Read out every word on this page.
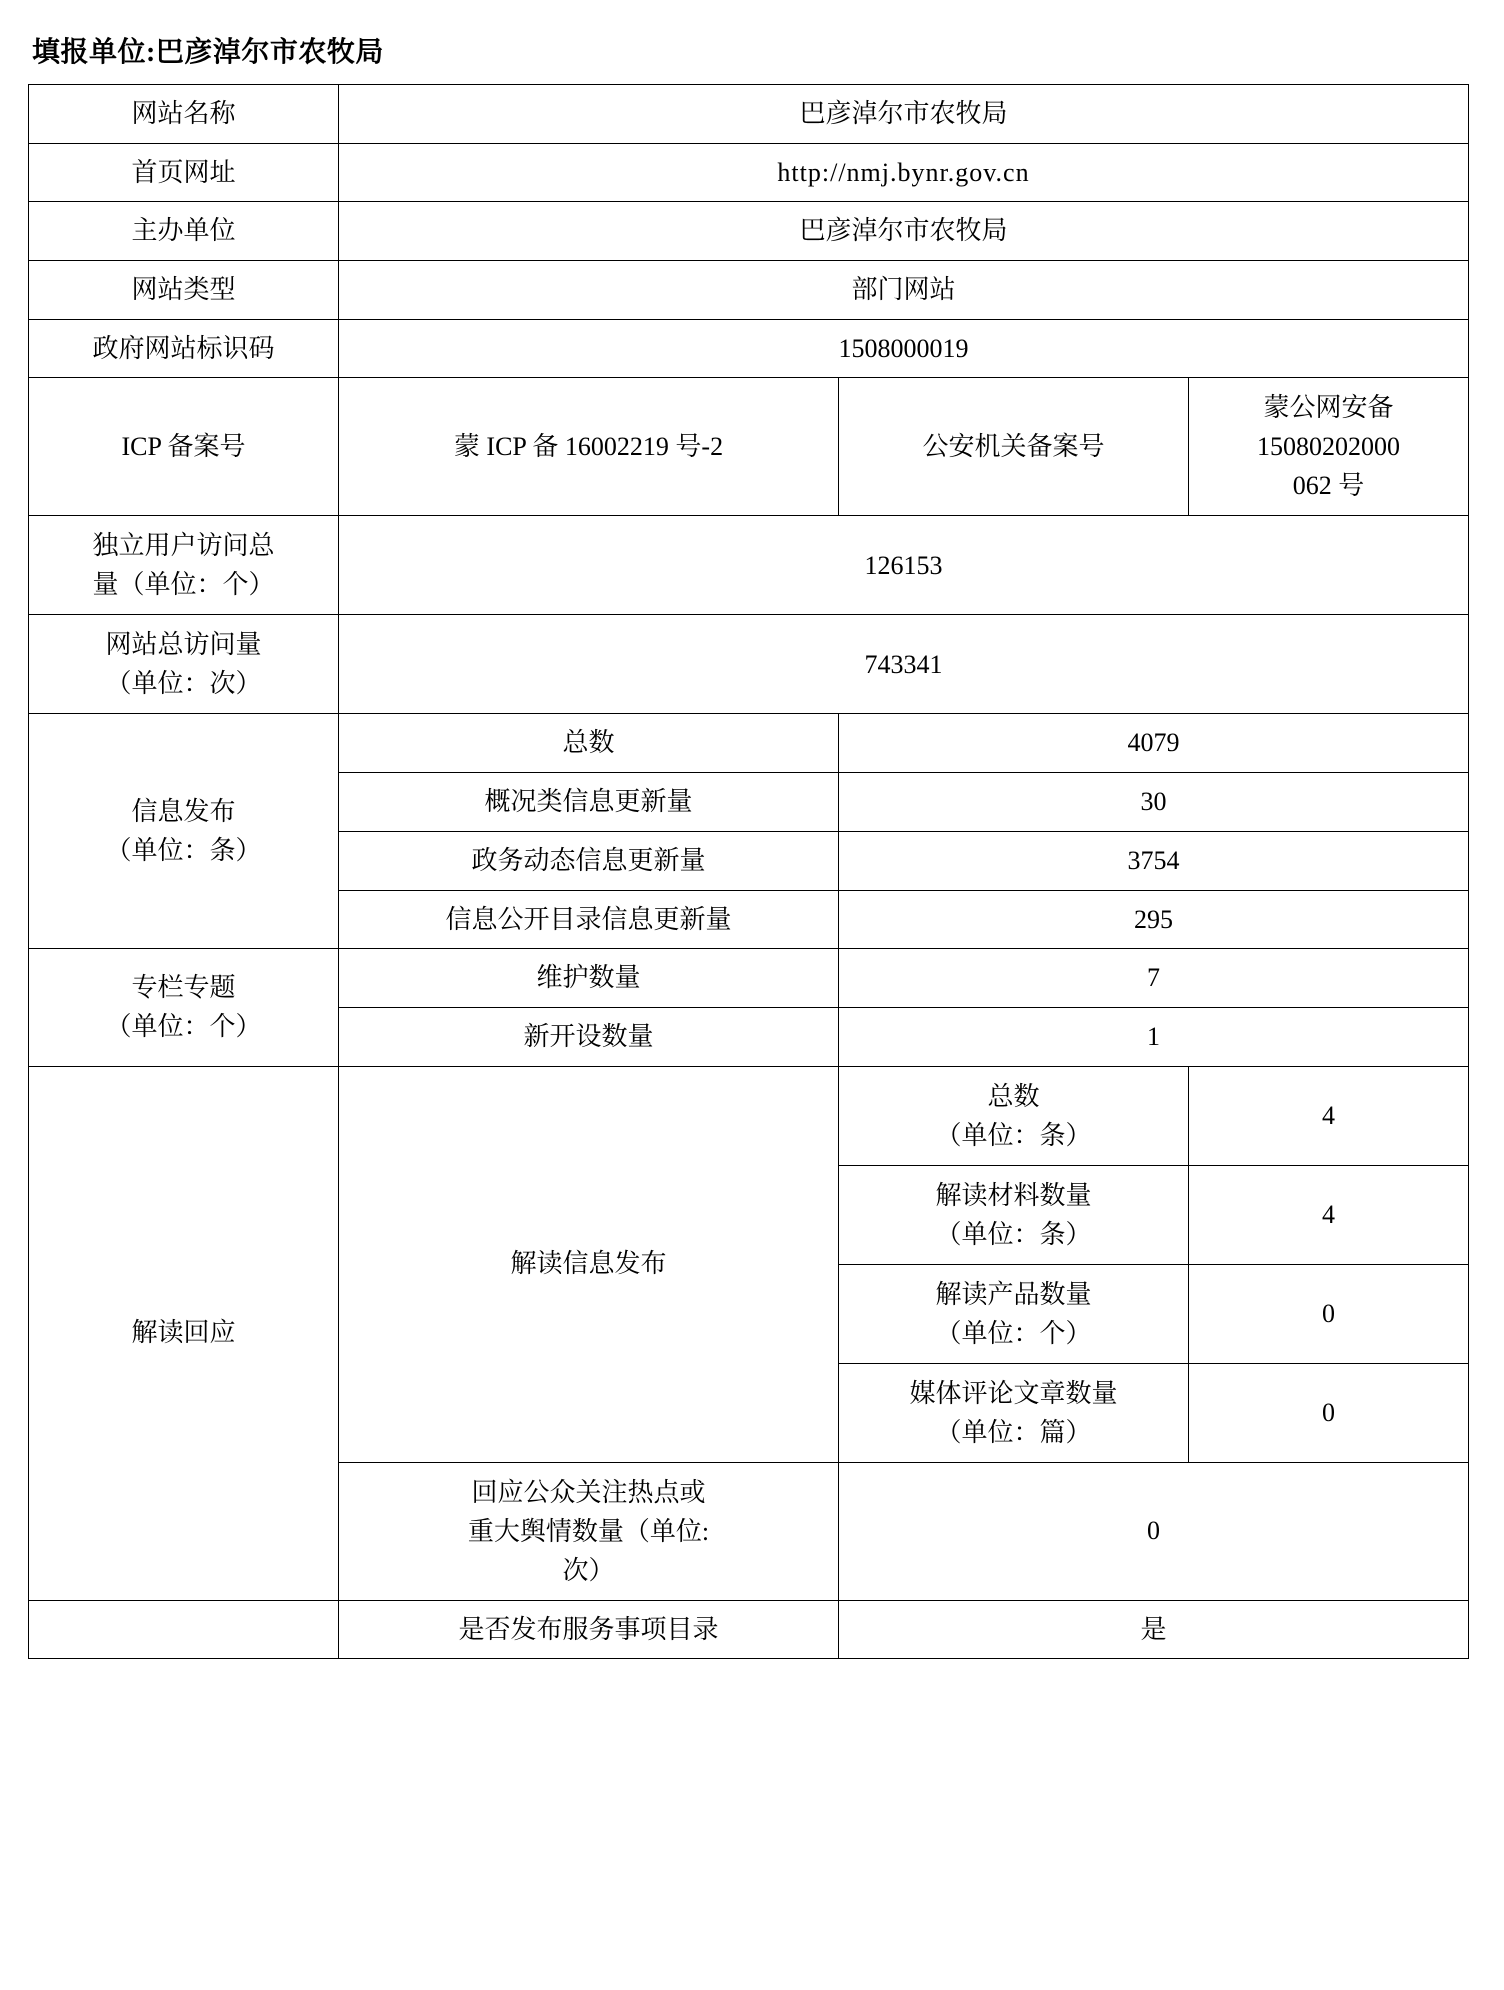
填报单位:巴彦淖尔市农牧局
网站名称	巴彦淖尔市农牧局		
首页网址	http://nmj.bynr.gov.cn		
主办单位	巴彦淖尔市农牧局		
网站类型	部门网站		
政府网站标识码	1508000019		
ICP 备案号	蒙 ICP 备 16002219 号-2	公安机关备案号	蒙公网安备
15080202000
062 号

独立用户访问总
量（单位：个）	126153		

网站总访问量
（单位：次）	743341		

信息发布
（单位：条）	总数	4079	
	概况类信息更新量	30	
	政务动态信息更新量	3754	
	信息公开目录信息更新量	295	

专栏专题
（单位：个）	维护数量	7	
	新开设数量	1	
解读回应	解读信息发布	总数
（单位：条）	4

		解读材料数量
（单位：条）	4

		解读产品数量
（单位：个）	0

		媒体评论文章数量
（单位：篇）	0

	回应公众关注热点或
重大舆情数量（单位:
次）	0	
	是否发布服务事项目录	是	
